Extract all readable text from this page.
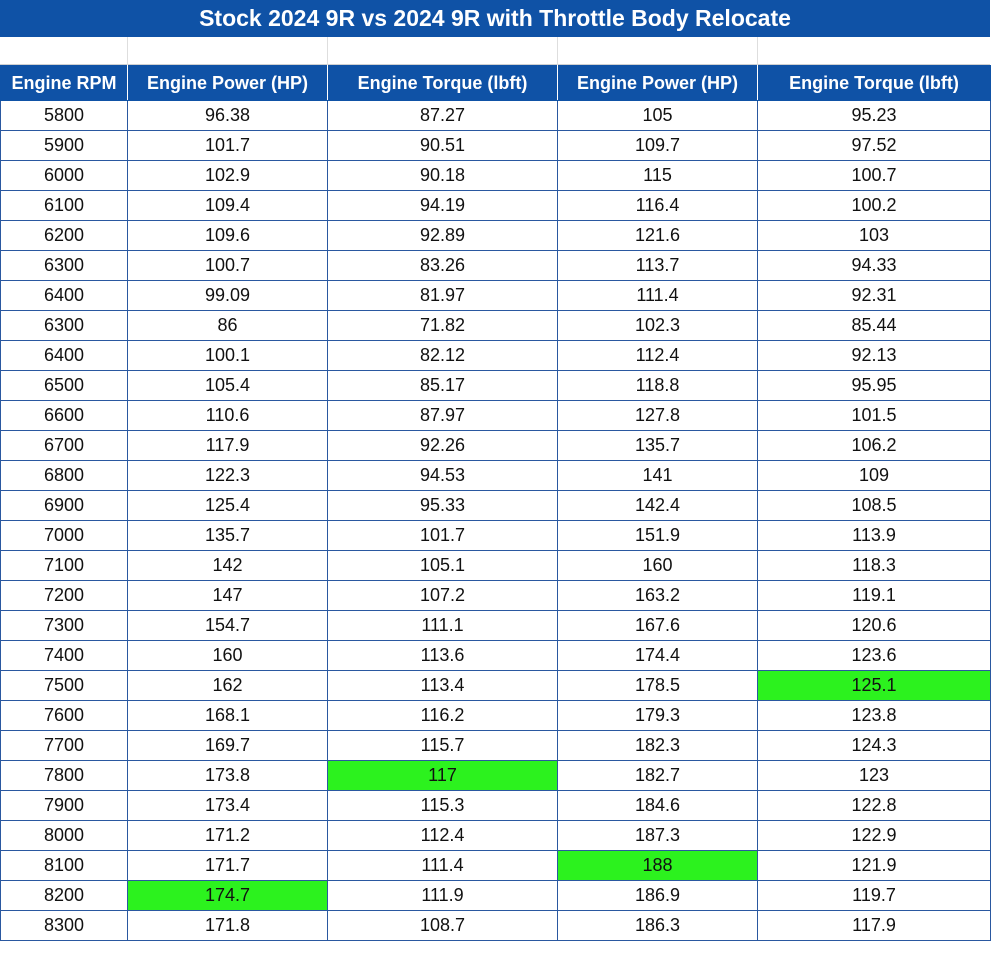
Stock 2024 9R vs 2024 9R with Throttle Body Relocate
Engine RPM	Engine Power (HP)	Engine Torque (lbft)	Engine Power (HP)	Engine Torque (lbft)
5800	96.38	87.27	105	95.23
5900	101.7	90.51	109.7	97.52
6000	102.9	90.18	115	100.7
6100	109.4	94.19	116.4	100.2
6200	109.6	92.89	121.6	103
6300	100.7	83.26	113.7	94.33
6400	99.09	81.97	111.4	92.31
6300	86	71.82	102.3	85.44
6400	100.1	82.12	112.4	92.13
6500	105.4	85.17	118.8	95.95
6600	110.6	87.97	127.8	101.5
6700	117.9	92.26	135.7	106.2
6800	122.3	94.53	141	109
6900	125.4	95.33	142.4	108.5
7000	135.7	101.7	151.9	113.9
7100	142	105.1	160	118.3
7200	147	107.2	163.2	119.1
7300	154.7	111.1	167.6	120.6
7400	160	113.6	174.4	123.6
7500	162	113.4	178.5	125.1
7600	168.1	116.2	179.3	123.8
7700	169.7	115.7	182.3	124.3
7800	173.8	117	182.7	123
7900	173.4	115.3	184.6	122.8
8000	171.2	112.4	187.3	122.9
8100	171.7	111.4	188	121.9
8200	174.7	111.9	186.9	119.7
8300	171.8	108.7	186.3	117.9
